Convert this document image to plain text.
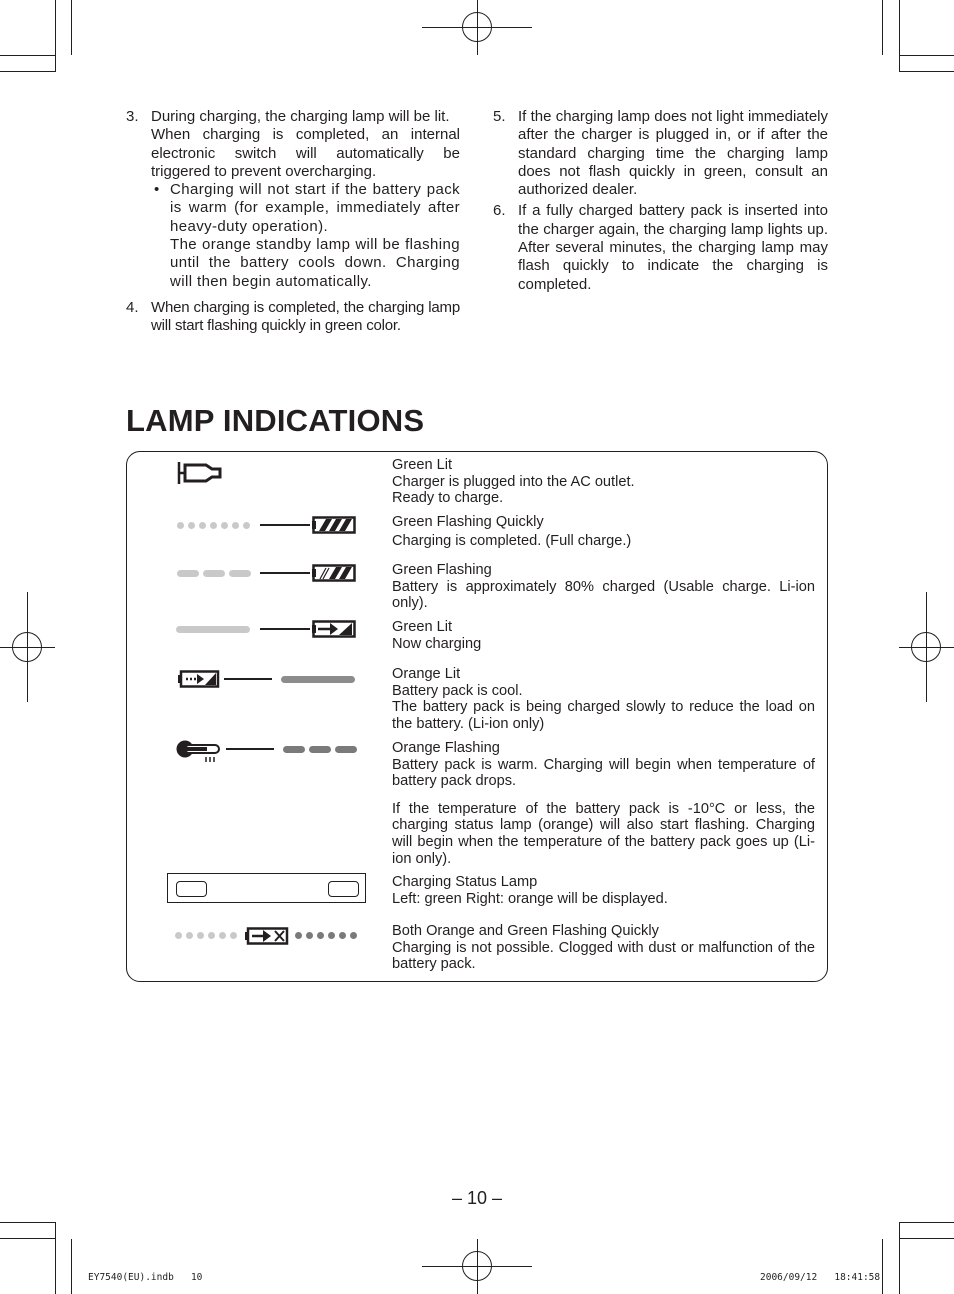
3. During charging, the charging lamp will be lit.
When charging is completed, an internal electronic switch will automatically be triggered to prevent overcharging.
• Charging will not start if the battery pack is warm (for example, immediately after heavy-duty operation).
The orange standby lamp will be flashing until the battery cools down. Charging will then begin automatically.
4. When charging is completed, the charging lamp will start flashing quickly in green color.
5. If the charging lamp does not light immediately after the charger is plugged in, or if after the standard charging time the charging lamp does not flash quickly in green, consult an authorized dealer.
6. If a fully charged battery pack is inserted into the charger again, the charging lamp lights up. After several minutes, the charging lamp may flash quickly to indicate the charging is completed.
LAMP INDICATIONS
Green Lit
Charger is plugged into the AC outlet.
Ready to charge.
Green Flashing Quickly
Charging is completed. (Full charge.)
Green Flashing
Battery is approximately 80% charged (Usable charge. Li-ion only).
Green Lit
Now charging
Orange Lit
Battery pack is cool.
The battery pack is being charged slowly to reduce the load on the battery. (Li-ion only)
Orange Flashing
Battery pack is warm. Charging will begin when temperature of battery pack drops.
If the temperature of the battery pack is -10°C or less, the charging status lamp (orange) will also start flashing. Charging will begin when the temperature of the battery pack goes up (Li-ion only).
Charging Status Lamp
Left: green Right: orange will be displayed.
Both Orange and Green Flashing Quickly
Charging is not possible. Clogged with dust or malfunction of the battery pack.
– 10 –
EY7540(EU).indb   10	2006/09/12   18:41:58
